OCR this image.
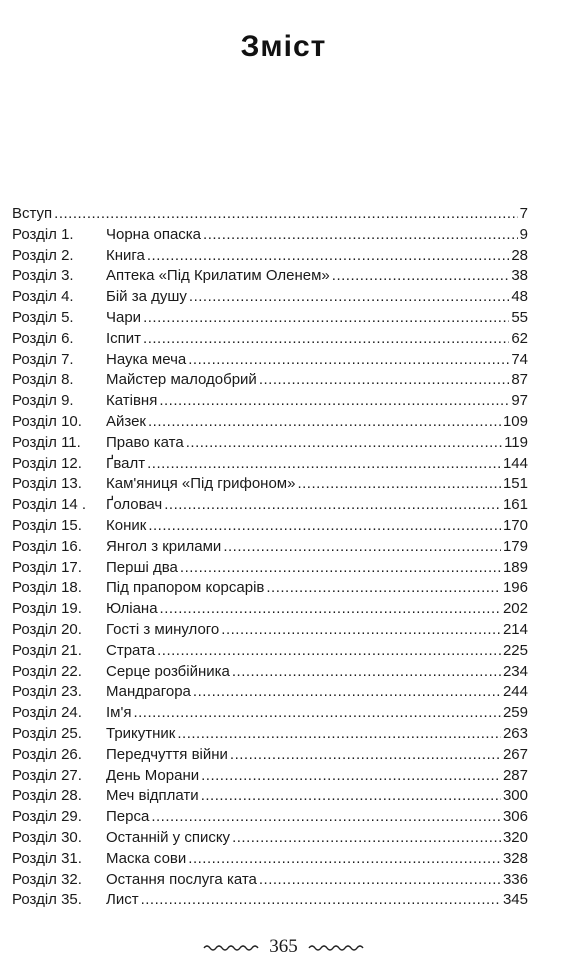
Зміст
Вступ .....	7
Розділ 1.	Чорна опаска .....	9
Розділ 2.	Книга .....	28
Розділ 3.	Аптека «Під Крилатим Оленем» .....	38
Розділ 4.	Бій за душу .....	48
Розділ 5.	Чари .....	55
Розділ 6.	Іспит .....	62
Розділ 7.	Наука меча .....	74
Розділ 8.	Майстер малодобрий .....	87
Розділ 9.	Катівня .....	97
Розділ 10.	Айзек .....	109
Розділ 11.	Право ката .....	119
Розділ 12.	Ґвалт .....	144
Розділ 13.	Кам'яниця «Під грифоном» .....	151
Розділ 14 .	Ґоловач .....	161
Розділ 15.	Коник .....	170
Розділ 16.	Янгол з крилами .....	179
Розділ 17.	Перші два .....	189
Розділ 18.	Під прапором корсарів .....	196
Розділ 19.	Юліана .....	202
Розділ 20.	Гості з минулого .....	214
Розділ 21.	Страта .....	225
Розділ 22.	Серце розбійника .....	234
Розділ 23.	Мандрагора .....	244
Розділ 24.	Ім'я .....	259
Розділ 25.	Трикутник .....	263
Розділ 26.	Передчуття війни .....	267
Розділ 27.	День Морани .....	287
Розділ 28.	Меч відплати .....	300
Розділ 29.	Перса .....	306
Розділ 30.	Останній у списку .....	320
Розділ 31.	Маска сови .....	328
Розділ 32.	Остання послуга ката .....	336
Розділ 35.	Лист .....	345
365
